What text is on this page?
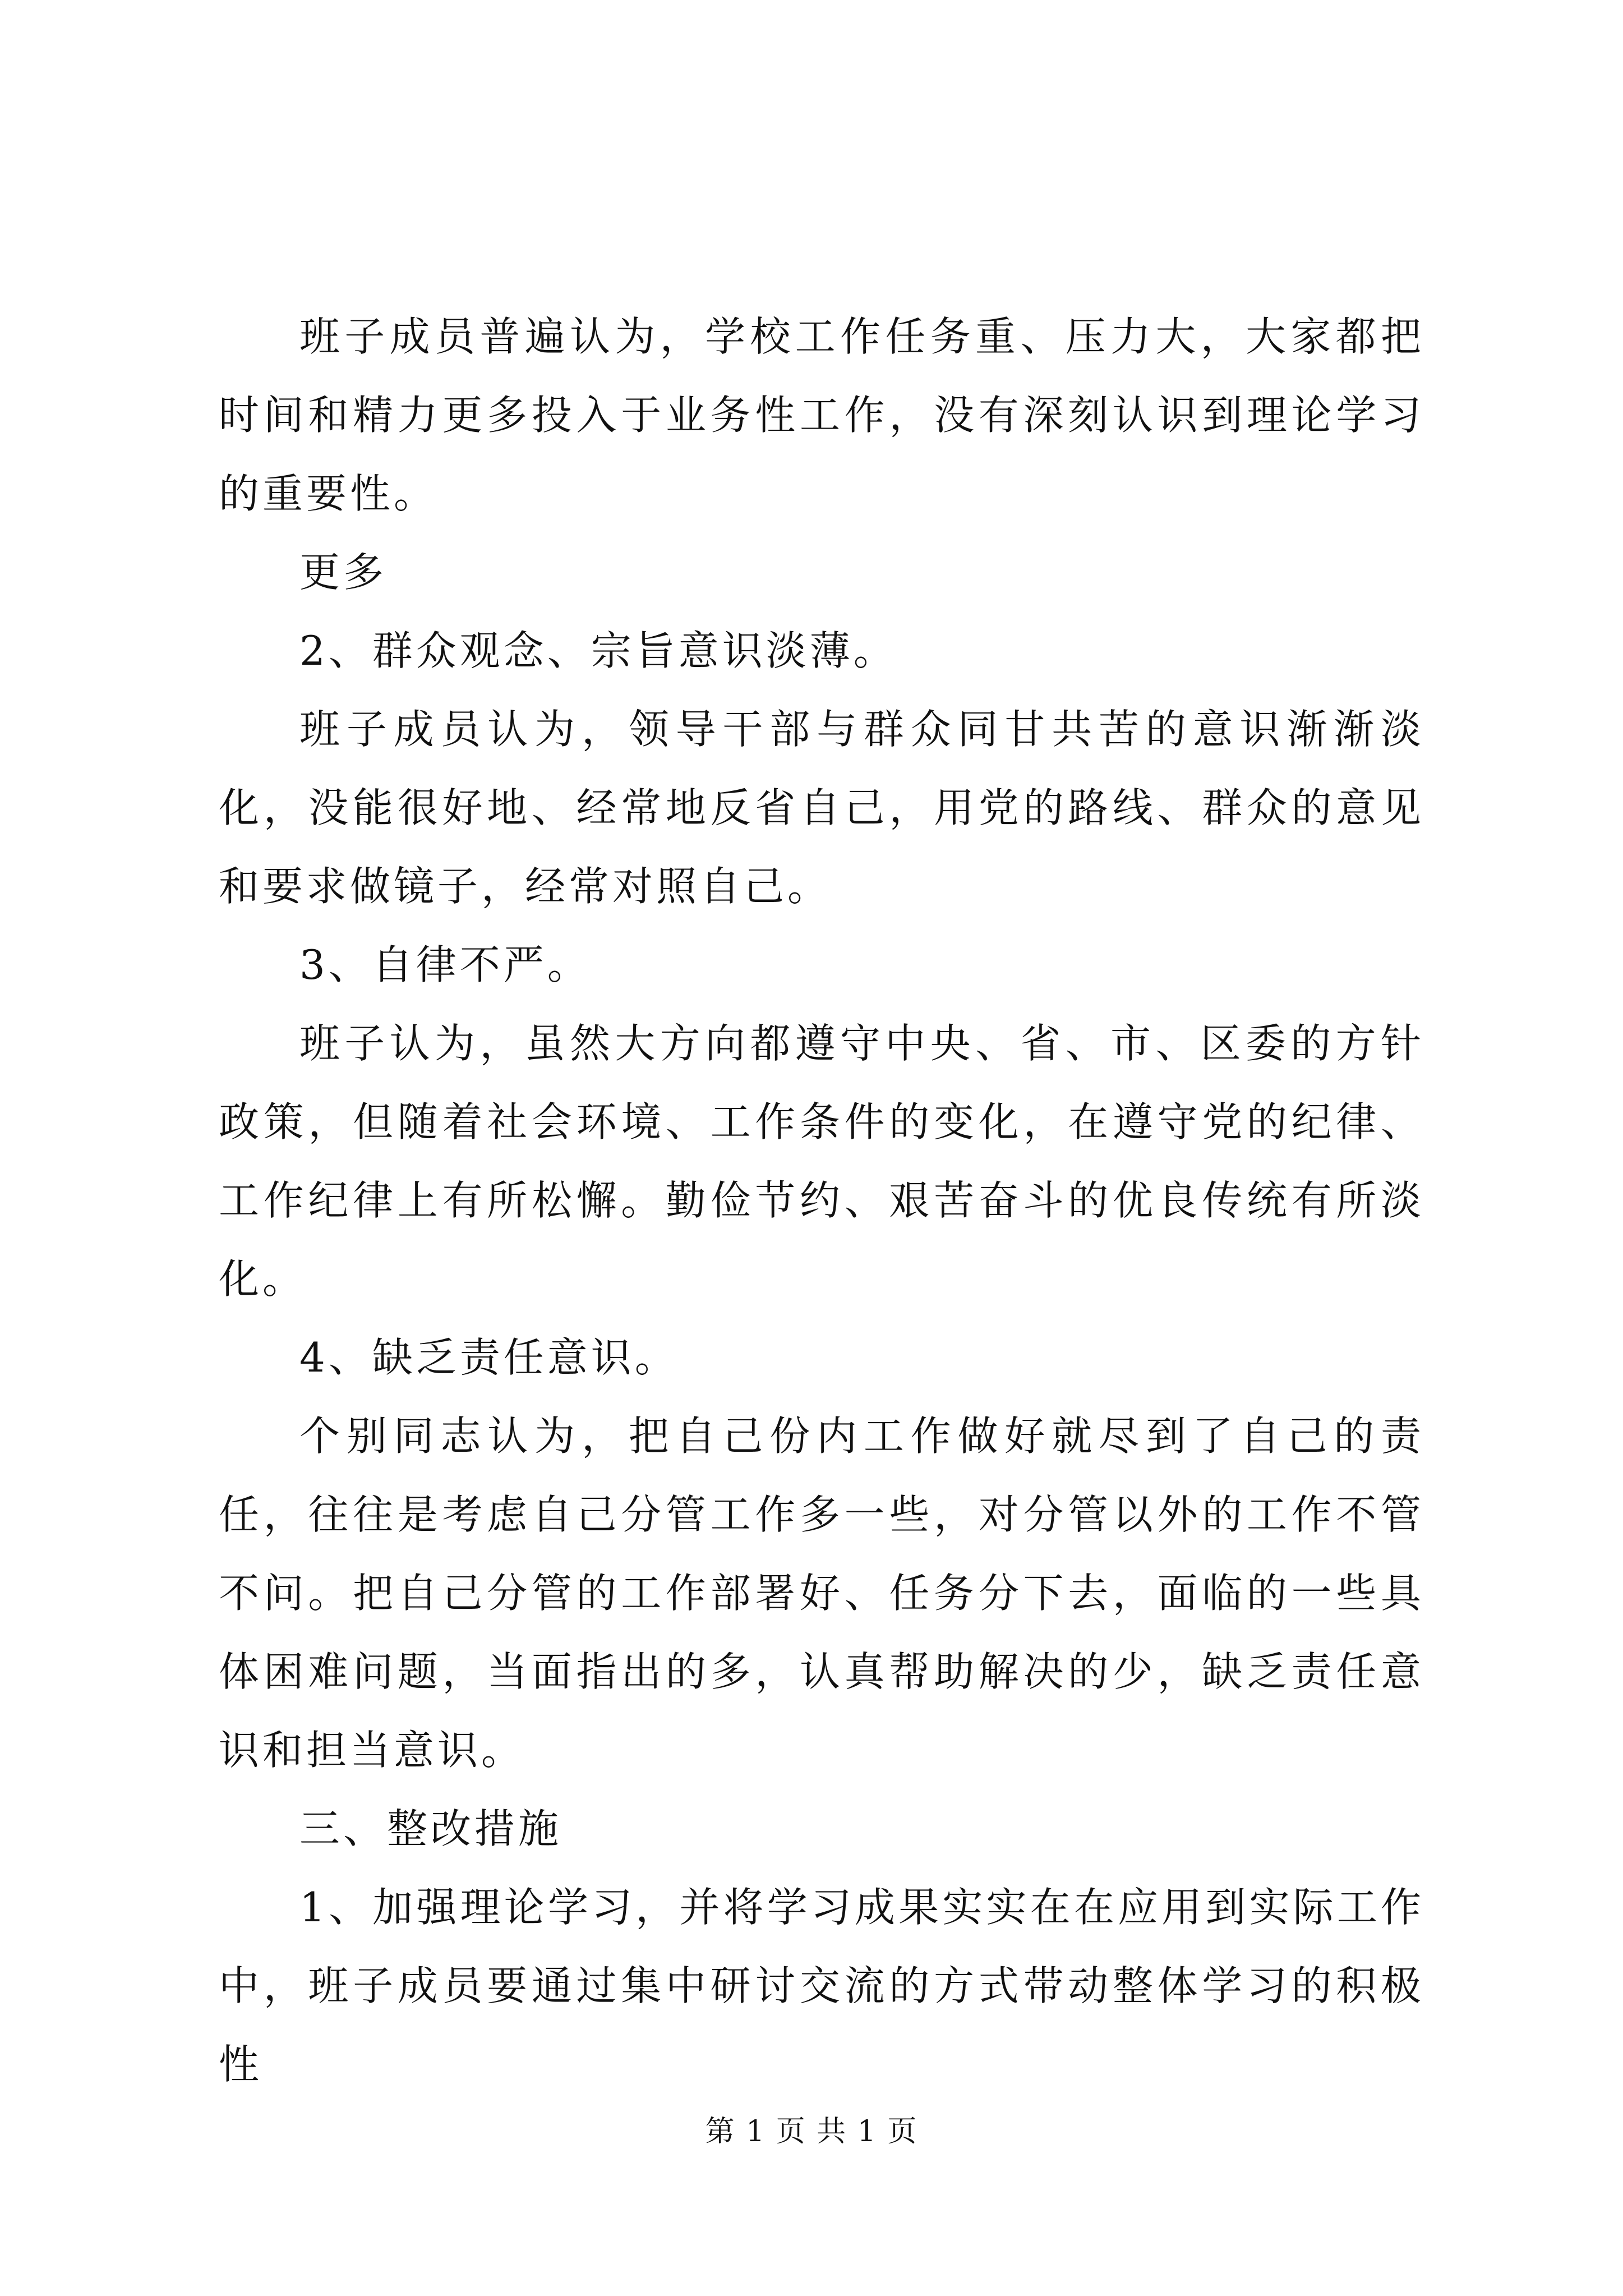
班子成员普遍认为，学校工作任务重、压力大，大家都把时间和精力更多投入于业务性工作，没有深刻认识到理论学习的重要性。

更多

2、群众观念、宗旨意识淡薄。

班子成员认为，领导干部与群众同甘共苦的意识渐渐淡化，没能很好地、经常地反省自己，用党的路线、群众的意见和要求做镜子，经常对照自己。

3、自律不严。

班子认为，虽然大方向都遵守中央、省、市、区委的方针政策，但随着社会环境、工作条件的变化，在遵守党的纪律、工作纪律上有所松懈。勤俭节约、艰苦奋斗的优良传统有所淡化。

4、缺乏责任意识。

个别同志认为，把自己份内工作做好就尽到了自己的责任，往往是考虑自己分管工作多一些，对分管以外的工作不管不问。把自己分管的工作部署好、任务分下去，面临的一些具体困难问题，当面指出的多，认真帮助解决的少，缺乏责任意识和担当意识。

三、整改措施

1、加强理论学习，并将学习成果实实在在应用到实际工作中，班子成员要通过集中研讨交流的方式带动整体学习的积极性

第 1 页 共 1 页
